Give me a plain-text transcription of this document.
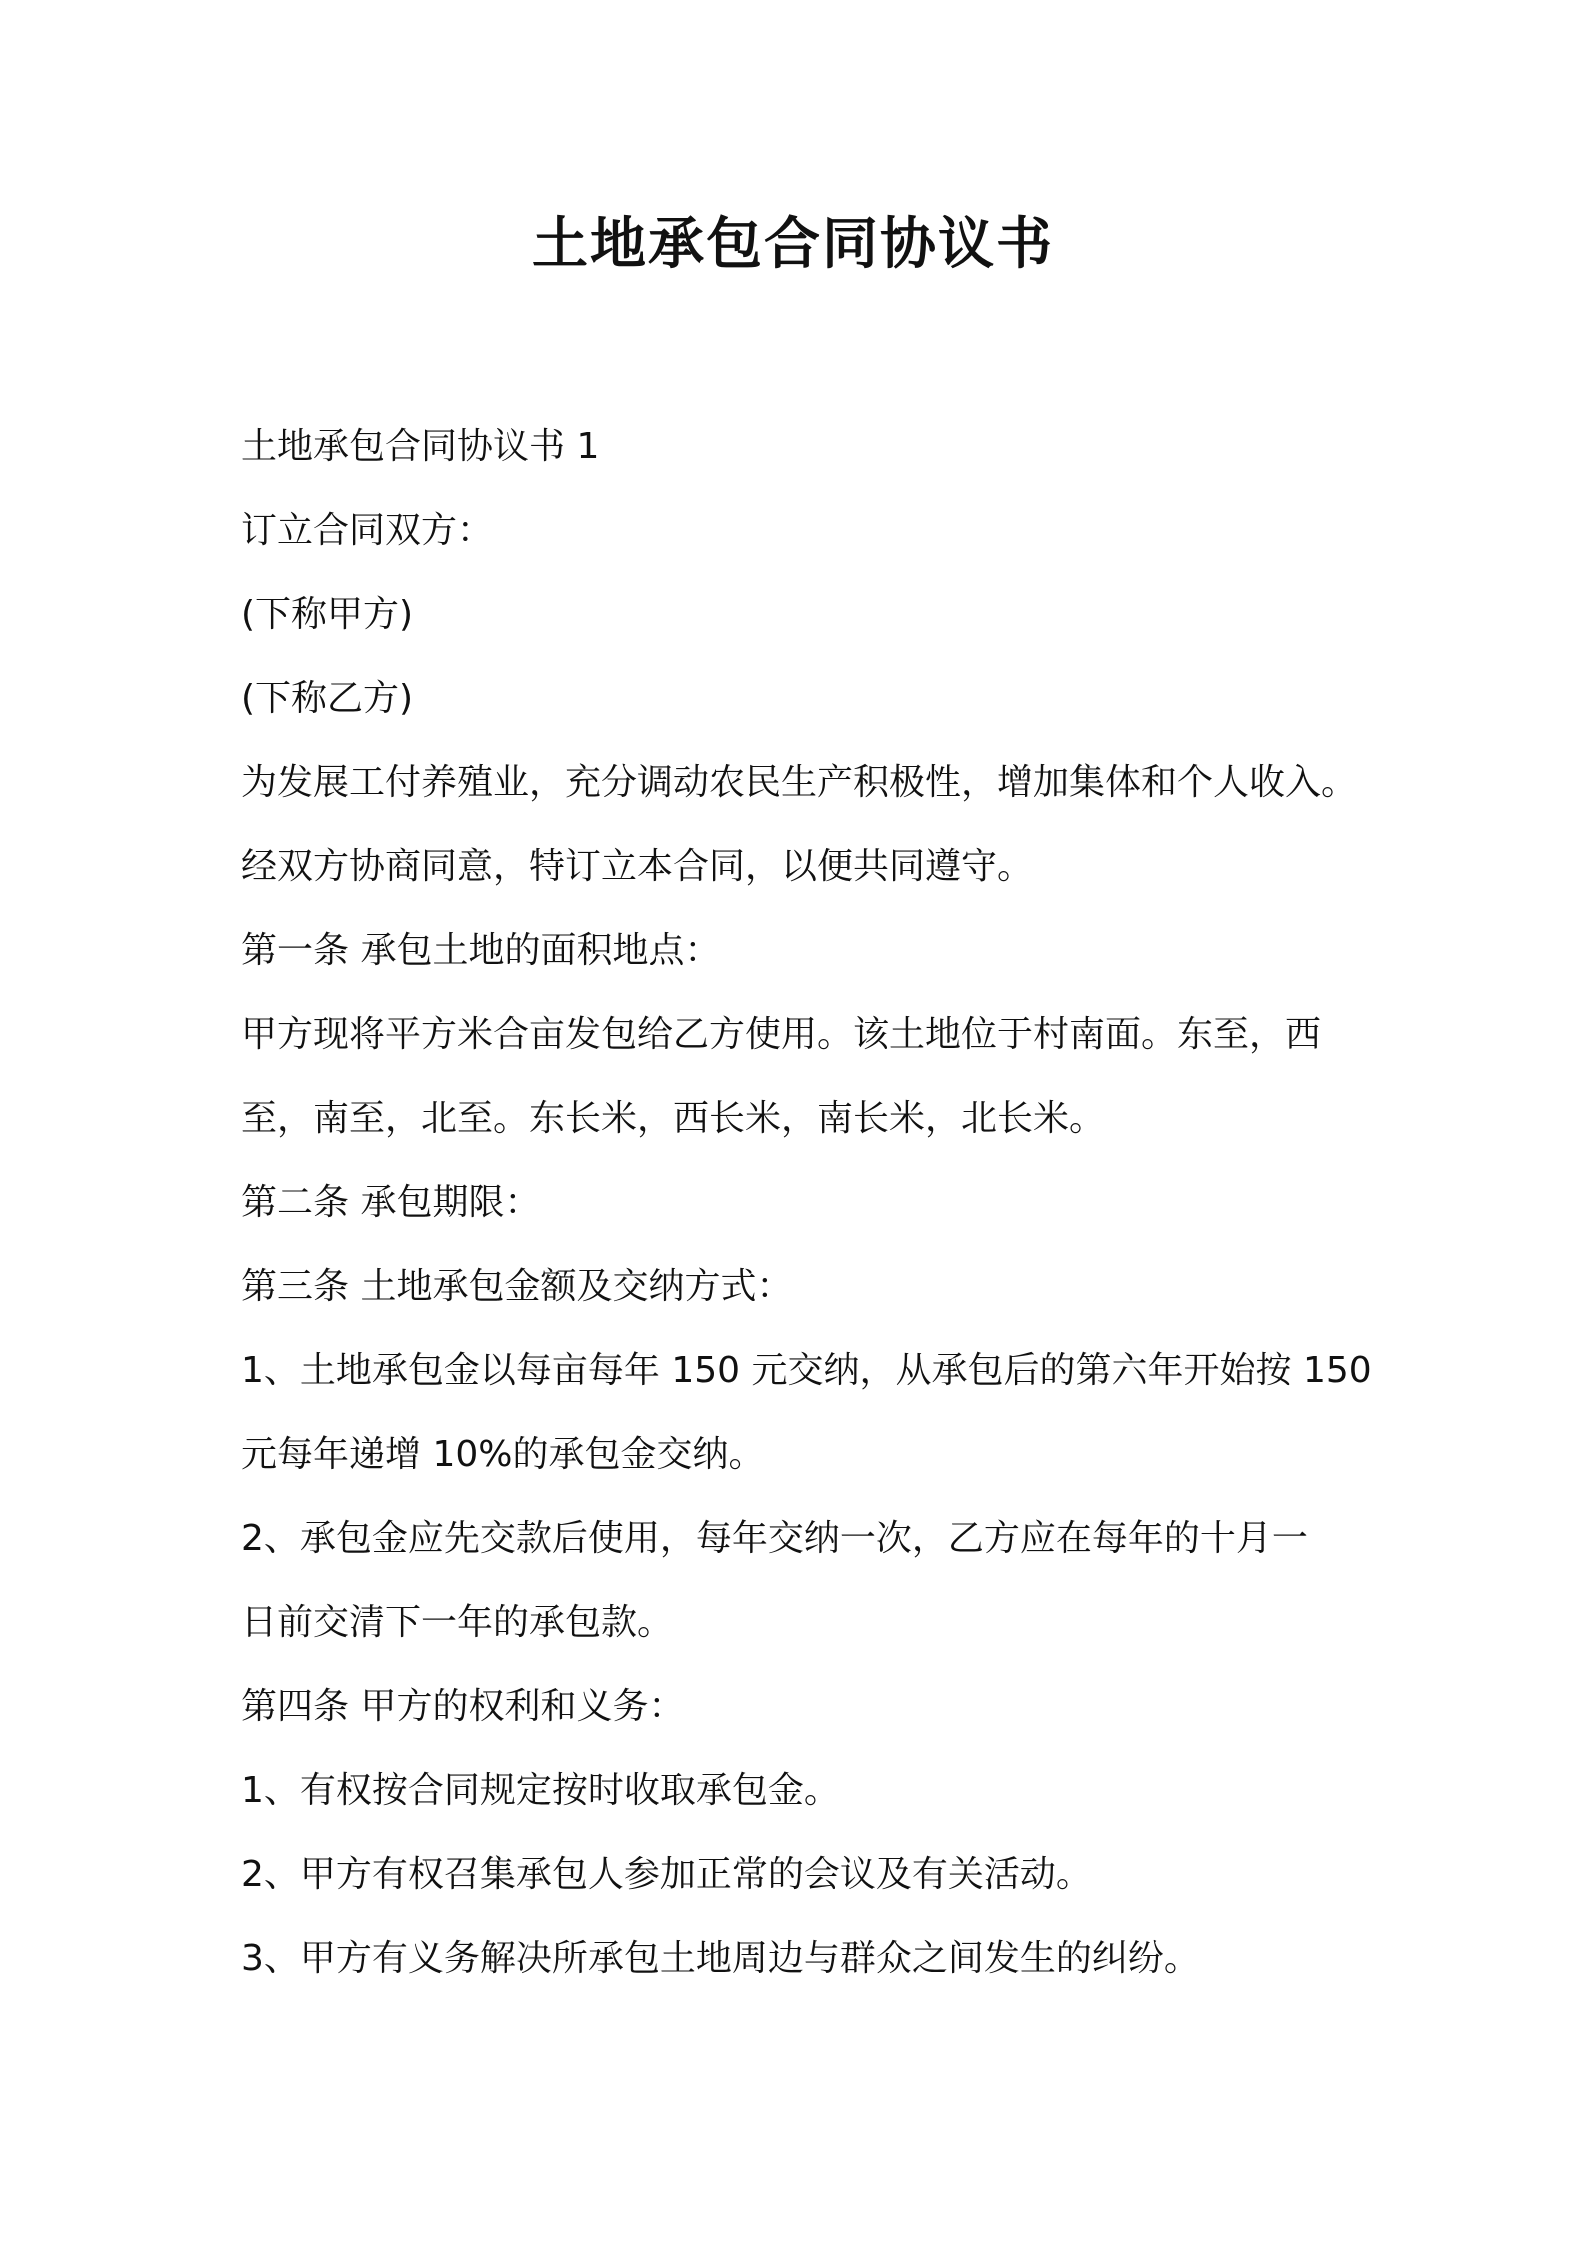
土地承包合同协议书

土地承包合同协议书 1

订立合同双方：

(下称甲方)

(下称乙方)

为发展工付养殖业，充分调动农民生产积极性，增加集体和个人收入。

经双方协商同意，特订立本合同，以便共同遵守。

第一条 承包土地的面积地点：

甲方现将平方米合亩发包给乙方使用。该土地位于村南面。东至，西

至，南至，北至。东长米，西长米，南长米，北长米。

第二条 承包期限：

第三条 土地承包金额及交纳方式：

1、土地承包金以每亩每年 150 元交纳，从承包后的第六年开始按 150

元每年递增 10%的承包金交纳。

2、承包金应先交款后使用，每年交纳一次，乙方应在每年的十月一

日前交清下一年的承包款。

第四条 甲方的权利和义务：

1、有权按合同规定按时收取承包金。

2、甲方有权召集承包人参加正常的会议及有关活动。

3、甲方有义务解决所承包土地周边与群众之间发生的纠纷。
